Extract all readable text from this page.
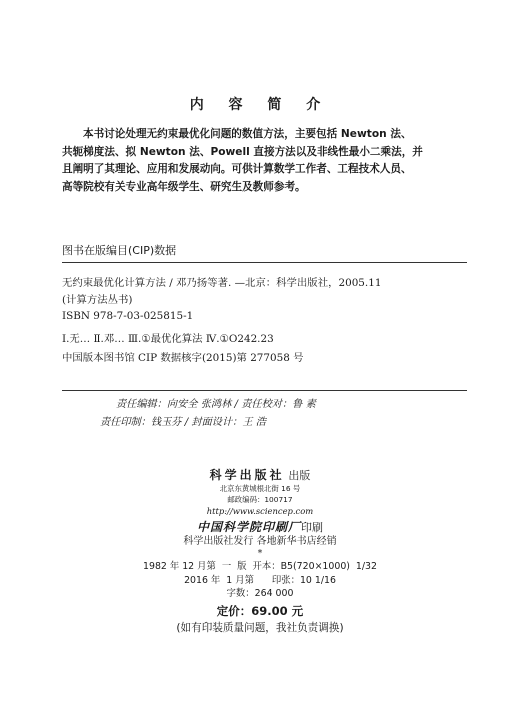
内 容 简 介

本书讨论处理无约束最优化问题的数值方法，主要包括 Newton 法、

共轭梯度法、拟 Newton 法、Powell 直接方法以及非线性最小二乘法，并

且阐明了其理论、应用和发展动向。可供计算数学工作者、工程技术人员、

高等院校有关专业高年级学生、研究生及教师参考。

图书在版编目(CIP)数据

无约束最优化计算方法 / 邓乃扬等著. —北京：科学出版社，2005.11

(计算方法丛书)

ISBN 978-7-03-025815-1

Ⅰ.无… Ⅱ.邓… Ⅲ.①最优化算法 Ⅳ.①O242.23

中国版本图书馆 CIP 数据核字(2015)第 277058 号

责任编辑：向安全 张鸿林 / 责任校对：鲁 素

责任印制：钱玉芬 / 封面设计：王 浩

科学出版社 出版
北京东黄城根北街 16 号
邮政编码：100717
http://www.sciencep.com
中国科学院印刷厂印刷
科学出版社发行 各地新华书店经销
*
1982 年 12 月第  一  版  开本：B5(720×1000)  1/32
2016 年  1 月第      印张：10 1/16
字数：264 000
定价：69.00 元
(如有印装质量问题，我社负责调换)
